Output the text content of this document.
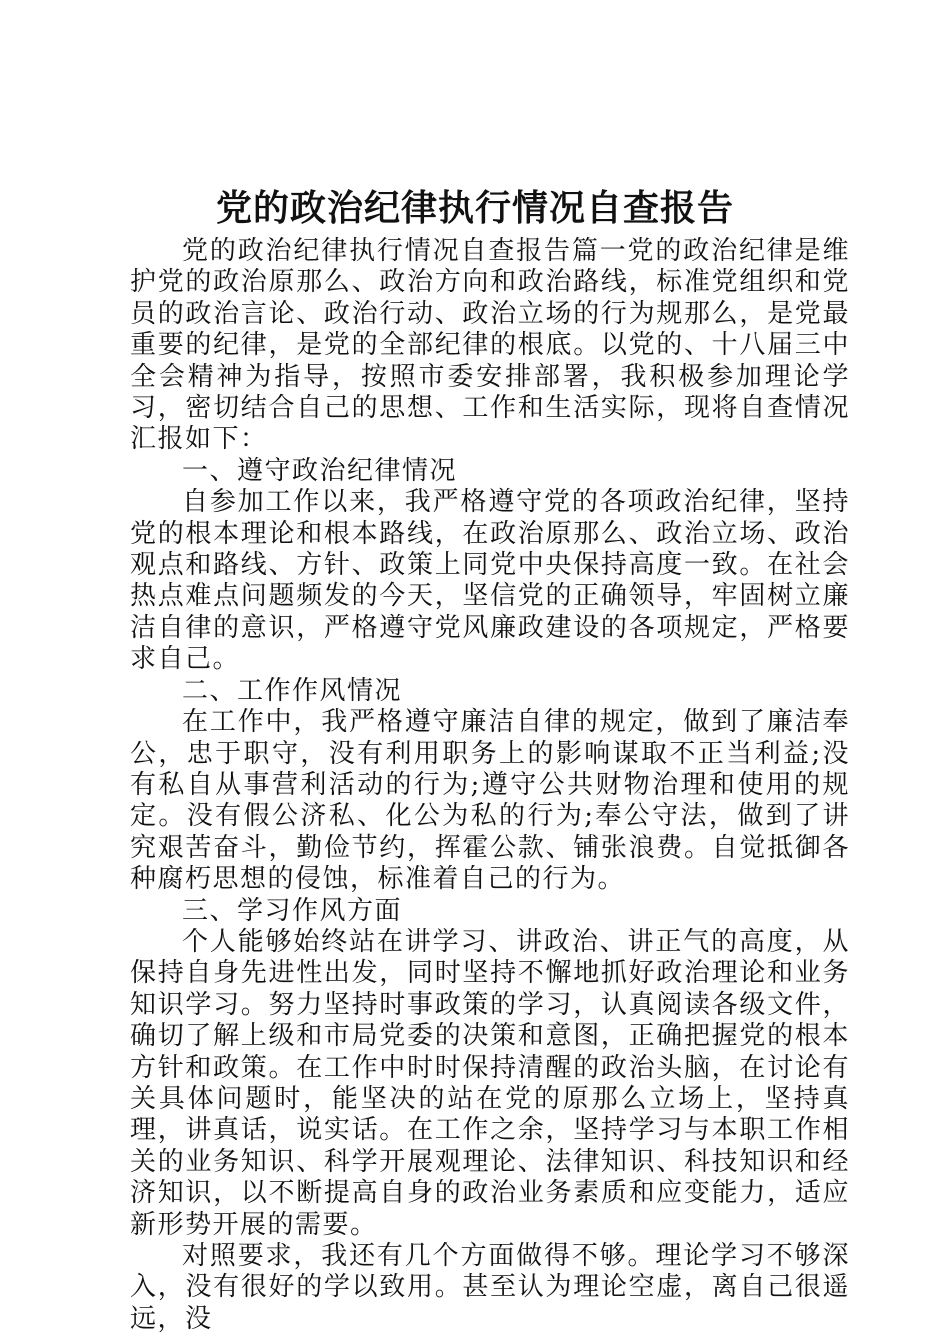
党的政治纪律执行情况自查报告

党的政治纪律执行情况自查报告篇一党的政治纪律是维护党的政治原那么、政治方向和政治路线，标准党组织和党员的政治言论、政治行动、政治立场的行为规那么，是党最重要的纪律，是党的全部纪律的根底。以党的、十八届三中全会精神为指导，按照市委安排部署，我积极参加理论学习，密切结合自己的思想、工作和生活实际，现将自查情况汇报如下：

一、遵守政治纪律情况

自参加工作以来，我严格遵守党的各项政治纪律，坚持党的根本理论和根本路线，在政治原那么、政治立场、政治观点和路线、方针、政策上同党中央保持高度一致。在社会热点难点问题频发的今天，坚信党的正确领导，牢固树立廉洁自律的意识，严格遵守党风廉政建设的各项规定，严格要求自己。

二、工作作风情况

在工作中，我严格遵守廉洁自律的规定，做到了廉洁奉公，忠于职守，没有利用职务上的影响谋取不正当利益;没有私自从事营利活动的行为;遵守公共财物治理和使用的规定。没有假公济私、化公为私的行为;奉公守法，做到了讲究艰苦奋斗，勤俭节约，挥霍公款、铺张浪费。自觉抵御各种腐朽思想的侵蚀，标准着自己的行为。

三、学习作风方面

个人能够始终站在讲学习、讲政治、讲正气的高度，从保持自身先进性出发，同时坚持不懈地抓好政治理论和业务知识学习。努力坚持时事政策的学习，认真阅读各级文件，确切了解上级和市局党委的决策和意图，正确把握党的根本方针和政策。在工作中时时保持清醒的政治头脑，在讨论有关具体问题时，能坚决的站在党的原那么立场上，坚持真理，讲真话，说实话。在工作之余，坚持学习与本职工作相关的业务知识、科学开展观理论、法律知识、科技知识和经济知识，以不断提高自身的政治业务素质和应变能力，适应新形势开展的需要。

对照要求，我还有几个方面做得不够。理论学习不够深入，没有很好的学以致用。甚至认为理论空虚，离自己很遥远，没
